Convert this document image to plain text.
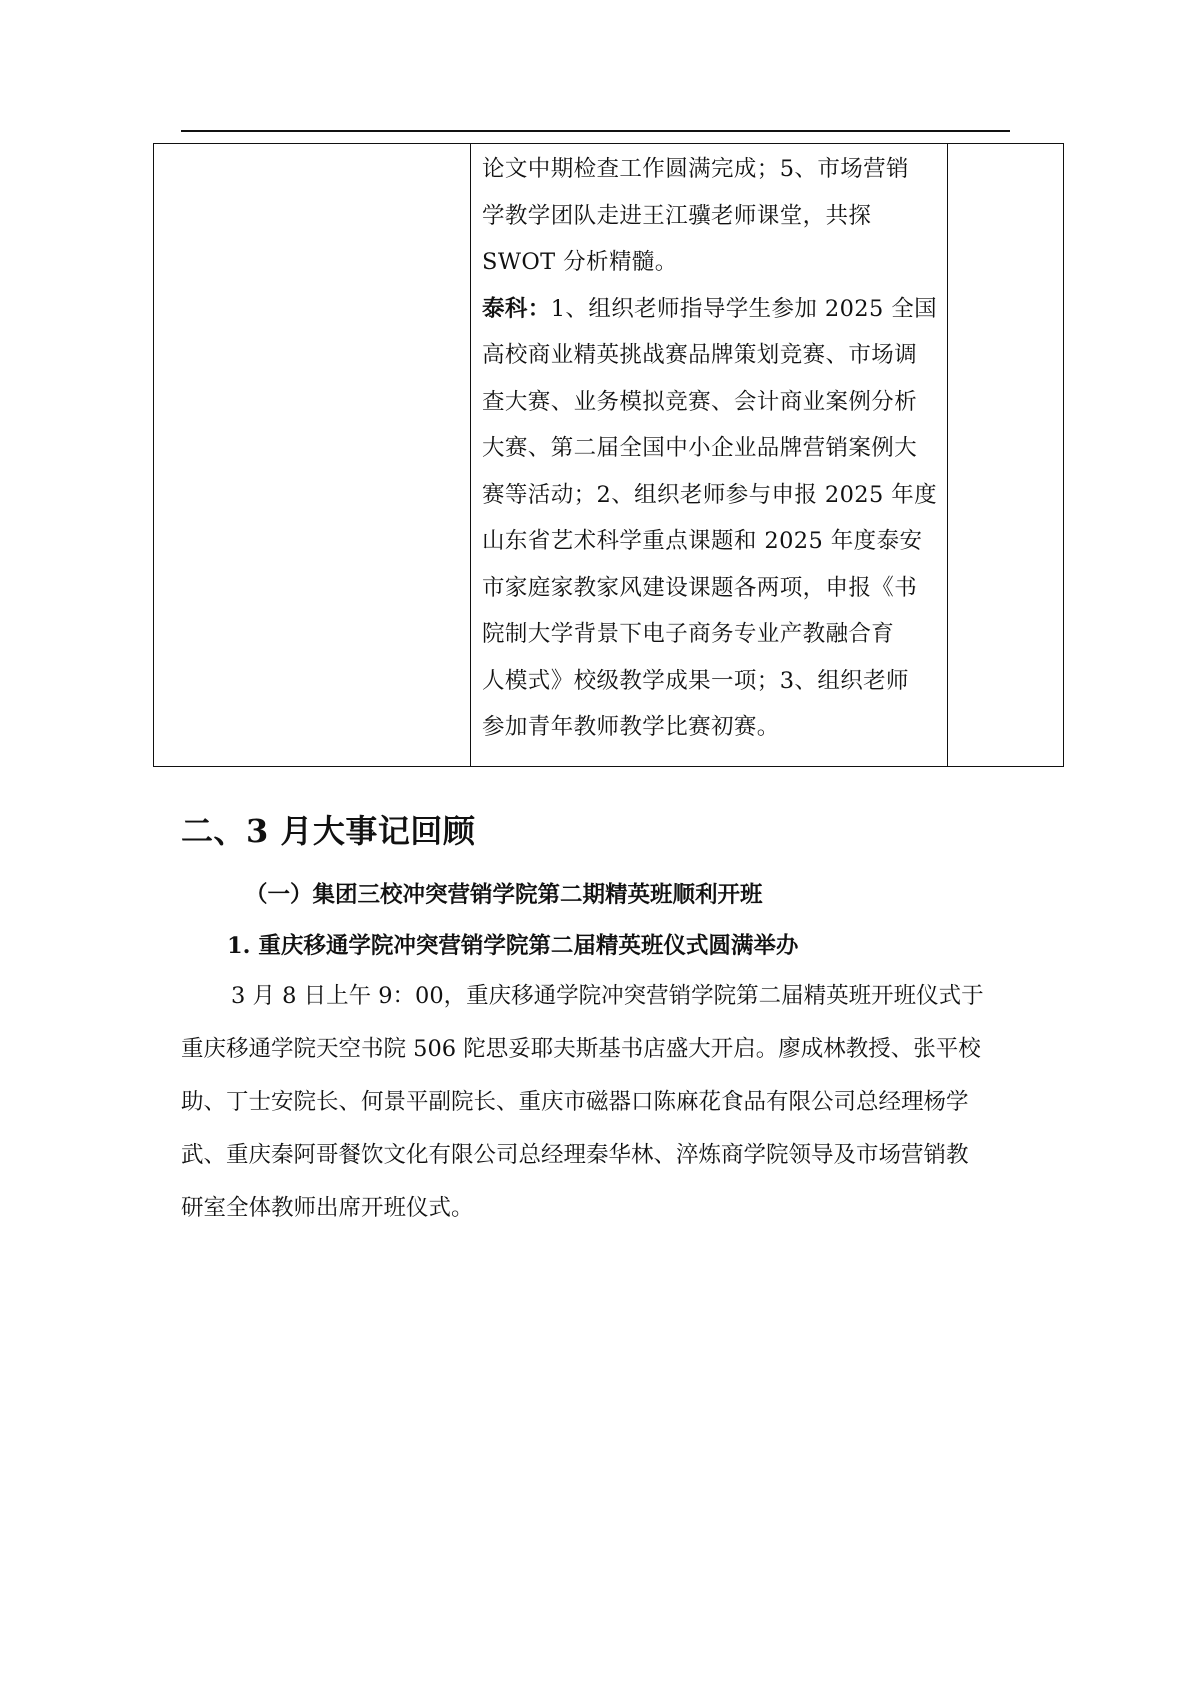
论文中期检查工作圆满完成；5、市场营销
学教学团队走进王江骥老师课堂，共探
SWOT 分析精髓。
泰科：1、组织老师指导学生参加 2025 全国
高校商业精英挑战赛品牌策划竞赛、市场调
查大赛、业务模拟竞赛、会计商业案例分析
大赛、第二届全国中小企业品牌营销案例大
赛等活动；2、组织老师参与申报 2025 年度
山东省艺术科学重点课题和 2025 年度泰安
市家庭家教家风建设课题各两项，申报《书
院制大学背景下电子商务专业产教融合育
人模式》校级教学成果一项；3、组织老师
参加青年教师教学比赛初赛。
二、3 月大事记回顾
（一）集团三校冲突营销学院第二期精英班顺利开班
1. 重庆移通学院冲突营销学院第二届精英班仪式圆满举办
3 月 8 日上午 9：00，重庆移通学院冲突营销学院第二届精英班开班仪式于
重庆移通学院天空书院 506 陀思妥耶夫斯基书店盛大开启。廖成林教授、张平校
助、丁士安院长、何景平副院长、重庆市磁器口陈麻花食品有限公司总经理杨学
武、重庆秦阿哥餐饮文化有限公司总经理秦华林、淬炼商学院领导及市场营销教
研室全体教师出席开班仪式。
